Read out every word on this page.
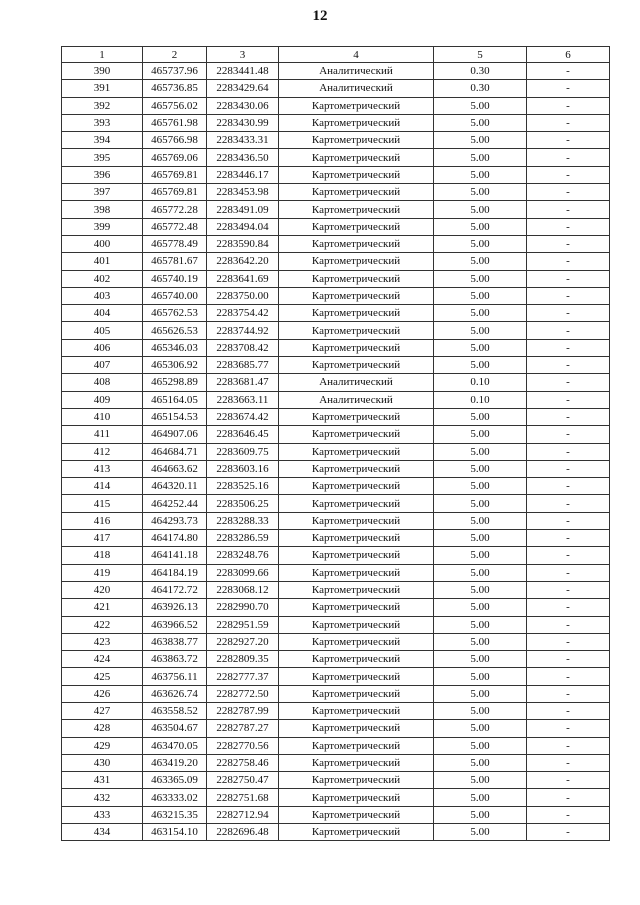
12
1	2	3	4	5	6
390	465737.96	2283441.48	Аналитический	0.30	-
391	465736.85	2283429.64	Аналитический	0.30	-
392	465756.02	2283430.06	Картометрический	5.00	-
393	465761.98	2283430.99	Картометрический	5.00	-
394	465766.98	2283433.31	Картометрический	5.00	-
395	465769.06	2283436.50	Картометрический	5.00	-
396	465769.81	2283446.17	Картометрический	5.00	-
397	465769.81	2283453.98	Картометрический	5.00	-
398	465772.28	2283491.09	Картометрический	5.00	-
399	465772.48	2283494.04	Картометрический	5.00	-
400	465778.49	2283590.84	Картометрический	5.00	-
401	465781.67	2283642.20	Картометрический	5.00	-
402	465740.19	2283641.69	Картометрический	5.00	-
403	465740.00	2283750.00	Картометрический	5.00	-
404	465762.53	2283754.42	Картометрический	5.00	-
405	465626.53	2283744.92	Картометрический	5.00	-
406	465346.03	2283708.42	Картометрический	5.00	-
407	465306.92	2283685.77	Картометрический	5.00	-
408	465298.89	2283681.47	Аналитический	0.10	-
409	465164.05	2283663.11	Аналитический	0.10	-
410	465154.53	2283674.42	Картометрический	5.00	-
411	464907.06	2283646.45	Картометрический	5.00	-
412	464684.71	2283609.75	Картометрический	5.00	-
413	464663.62	2283603.16	Картометрический	5.00	-
414	464320.11	2283525.16	Картометрический	5.00	-
415	464252.44	2283506.25	Картометрический	5.00	-
416	464293.73	2283288.33	Картометрический	5.00	-
417	464174.80	2283286.59	Картометрический	5.00	-
418	464141.18	2283248.76	Картометрический	5.00	-
419	464184.19	2283099.66	Картометрический	5.00	-
420	464172.72	2283068.12	Картометрический	5.00	-
421	463926.13	2282990.70	Картометрический	5.00	-
422	463966.52	2282951.59	Картометрический	5.00	-
423	463838.77	2282927.20	Картометрический	5.00	-
424	463863.72	2282809.35	Картометрический	5.00	-
425	463756.11	2282777.37	Картометрический	5.00	-
426	463626.74	2282772.50	Картометрический	5.00	-
427	463558.52	2282787.99	Картометрический	5.00	-
428	463504.67	2282787.27	Картометрический	5.00	-
429	463470.05	2282770.56	Картометрический	5.00	-
430	463419.20	2282758.46	Картометрический	5.00	-
431	463365.09	2282750.47	Картометрический	5.00	-
432	463333.02	2282751.68	Картометрический	5.00	-
433	463215.35	2282712.94	Картометрический	5.00	-
434	463154.10	2282696.48	Картометрический	5.00	-
